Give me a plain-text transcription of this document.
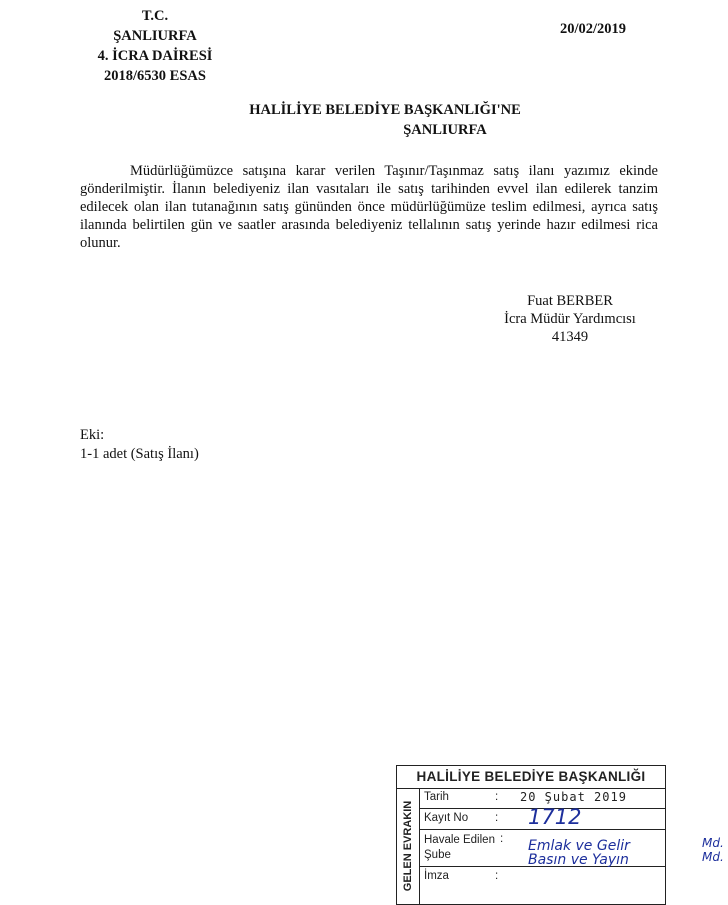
T.C.
ŞANLIURFA
4. İCRA DAİRESİ
2018/6530 ESAS
20/02/2019
HALİLİYE BELEDİYE BAŞKANLIĞI'NE
ŞANLIURFA

Müdürlüğümüzce satışına karar verilen Taşınır/Taşınmaz satış ilanı yazımız ekinde gönderilmiştir. İlanın belediyeniz ilan vasıtaları ile satış tarihinden evvel ilan edilerek tanzim edilecek olan ilan tutanağının satış gününden önce müdürlüğümüze teslim edilmesi, ayrıca satış ilanında belirtilen gün ve saatler arasında belediyeniz tellalının satış yerinde hazır edilmesi rica olunur.

Fuat BERBER
İcra Müdür Yardımcısı
41349
Eki:
1-1 adet (Satış İlanı)
HALİLİYE BELEDİYE BAŞKANLIĞI
GELEN EVRAKIN
Tarih	: 20 Şubat 2019
Kayıt No : 1712
Havale Edilen
Şube
: Emlak ve Gelir
Basın ve Yayın
Md.
Md.
İmza	:
